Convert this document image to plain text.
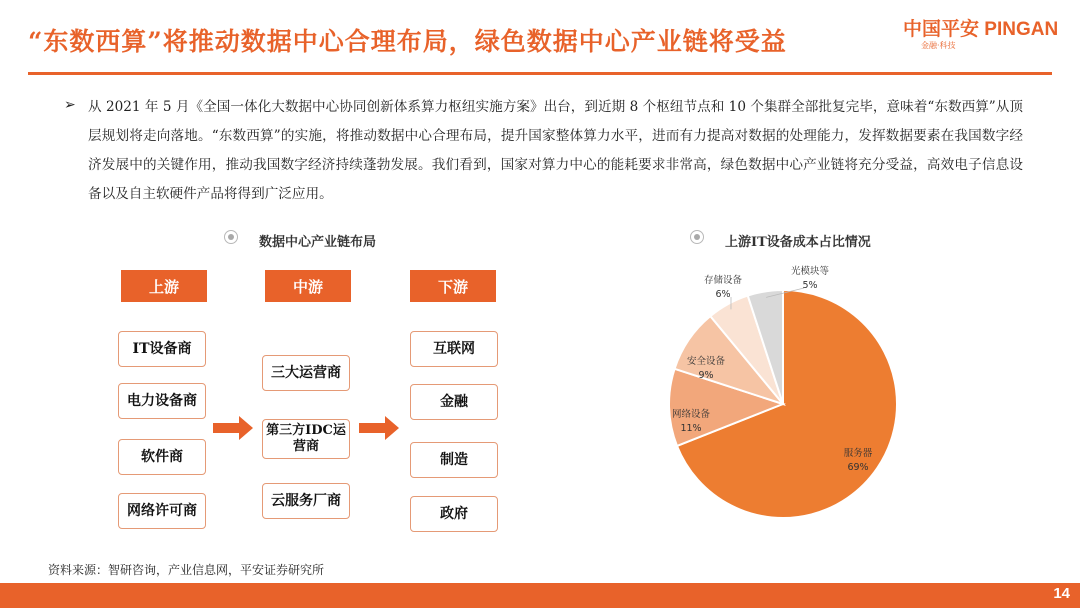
“东数西算”将推动数据中心合理布局，绿色数据中心产业链将受益	中国平安 PINGAN
金融·科技
➢ 从 2021 年 5 月《全国一体化大数据中心协同创新体系算力枢纽实施方案》出台，到近期 8 个枢纽节点和 10 个集群全部批复完毕，意味着“东数西算”从顶层规划将走向落地。“东数西算”的实施，将推动数据中心合理布局，提升国家整体算力水平，进而有力提高对数据的处理能力，发挥数据要素在我国数字经济发展中的关键作用，推动我国数字经济持续蓬勃发展。我们看到，国家对算力中心的能耗要求非常高，绿色数据中心产业链将充分受益，高效电子信息设备以及自主软硬件产品将得到广泛应用。
数据中心产业链布局
上游	中游	下游
IT设备商
电力设备商
软件商
网络许可商
三大运营商
第三方IDC运营商
云服务厂商
互联网
金融
制造
政府
上游IT设备成本占比情况
服务器
69%
网络设备
11%
安全设备
9%
存储设备
6%
光模块等
5%
资料来源：智研咨询，产业信息网，平安证券研究所
14
